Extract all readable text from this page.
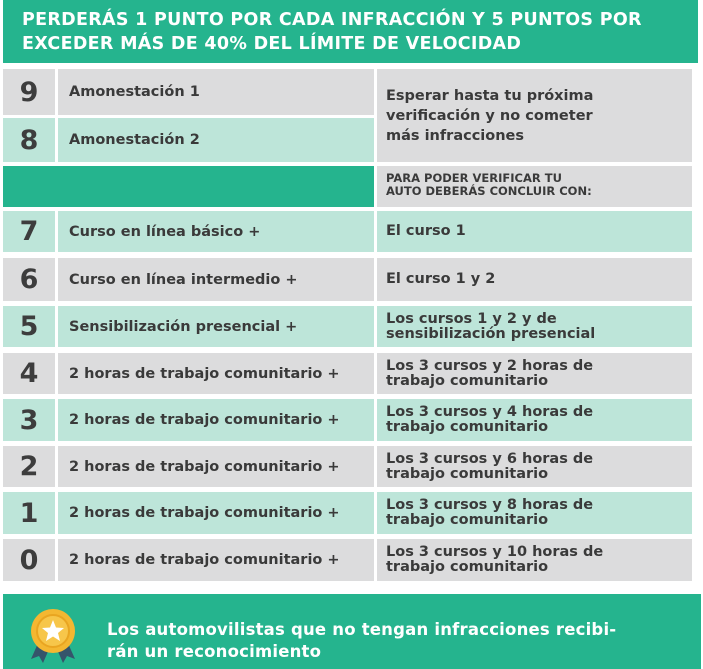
PERDERÁS 1 PUNTO POR CADA INFRACCIÓN Y 5 PUNTOS POR
EXCEDER MÁS DE 40% DEL LÍMITE DE VELOCIDAD
9	Amonestación 1
8	Amonestación 2
Esperar hasta tu próxima
verificación y no cometer
más infracciones
PARA PODER VERIFICAR TU
AUTO DEBERÁS CONCLUIR CON:
7	Curso en línea básico +	El curso 1
6	Curso en línea intermedio +	El curso 1 y 2
5	Sensibilización presencial +	Los cursos 1 y 2 y de
sensibilización presencial
4	2 horas de trabajo comunitario +	Los 3 cursos y 2 horas de
trabajo comunitario
3	2 horas de trabajo comunitario +	Los 3 cursos y 4 horas de
trabajo comunitario
2	2 horas de trabajo comunitario +	Los 3 cursos y 6 horas de
trabajo comunitario
1	2 horas de trabajo comunitario +	Los 3 cursos y 8 horas de
trabajo comunitario
0	2 horas de trabajo comunitario +	Los 3 cursos y 10 horas de
trabajo comunitario
Los automovilistas que no tengan infracciones recibi-
rán un reconocimiento
